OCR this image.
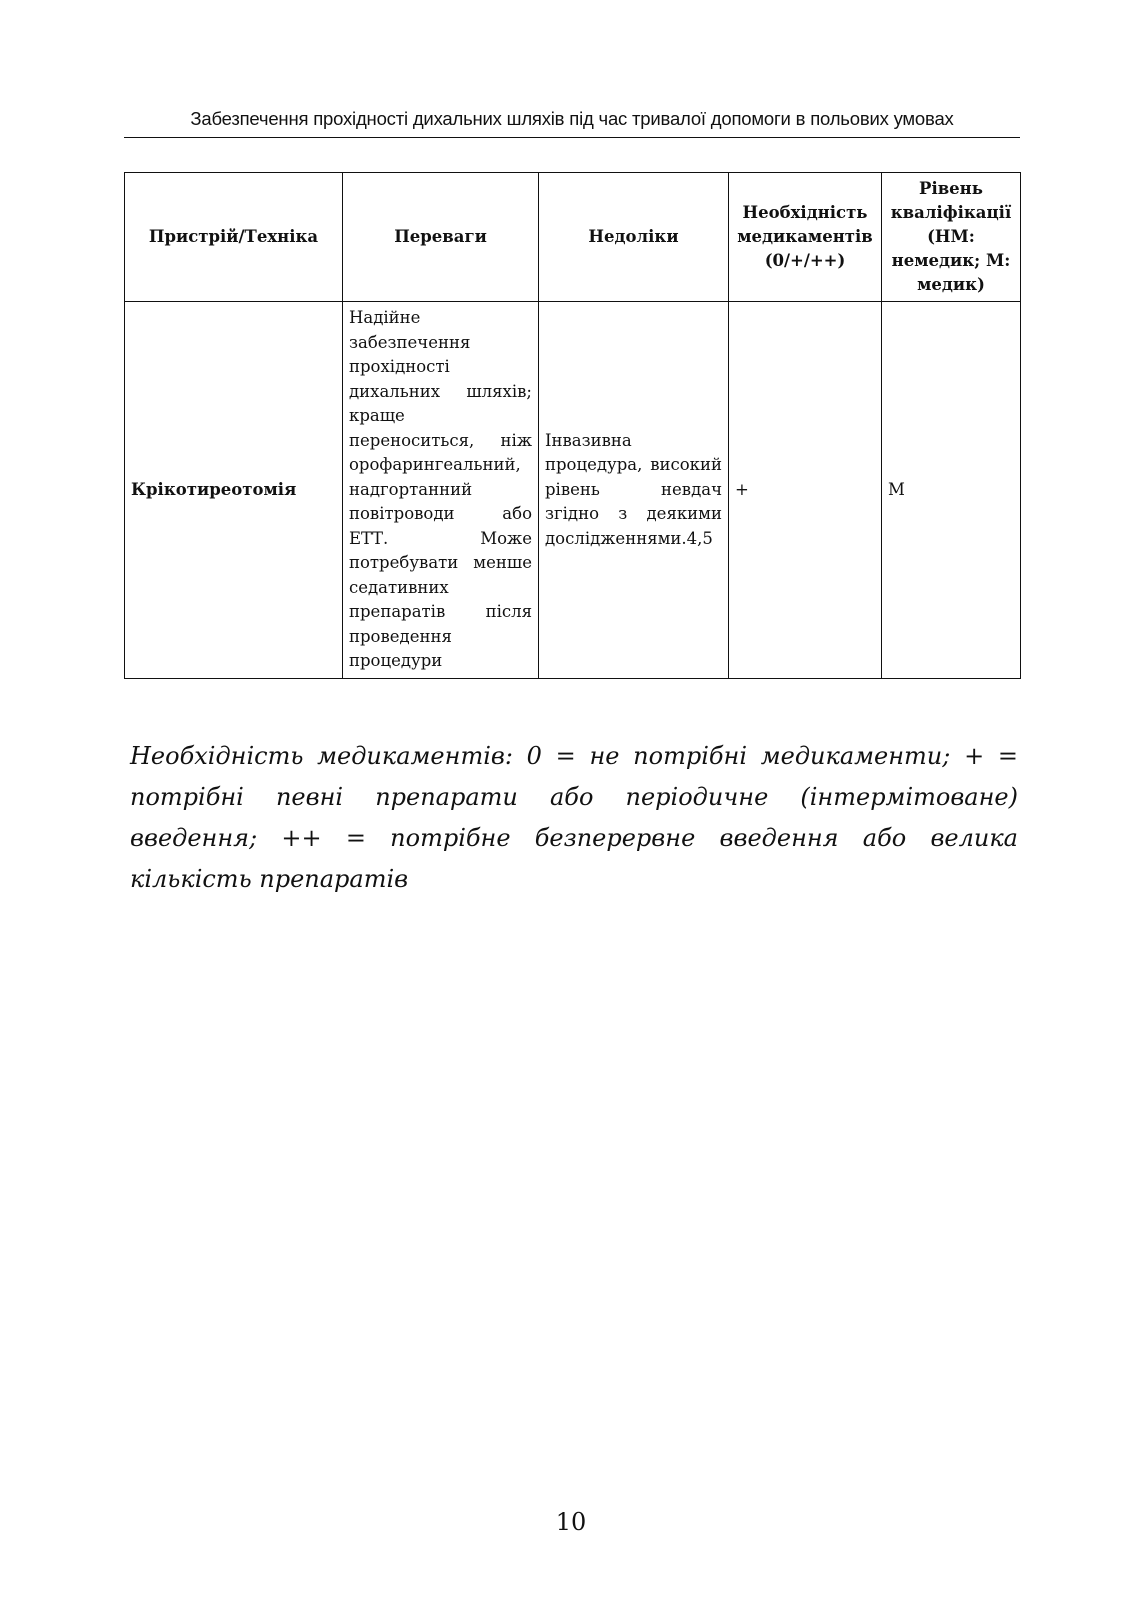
Забезпечення прохідності дихальних шляхів під час тривалої допомоги в польових умовах
Пристрій/Техніка	Переваги	Недоліки	Необхідність медикаментів (0/+/++)	Рівень кваліфікації (НМ: немедик; М: медик)
Крікотиреотомія	Надійне забезпечення прохідності дихальних шляхів; краще переноситься, ніж орофарингеальний, надгортанний повітроводи або ЕТТ. Може потребувати менше седативних препаратів після проведення процедури	Інвазивна процедура, високий рівень невдач згідно з деякими дослідженнями.4,5	+	М

Необхідність медикаментів: 0 = не потрібні медикаменти; + = потрібні певні препарати або періодичне (інтермітоване) введення; ++ = потрібне безперервне введення або велика кількість препаратів

10
